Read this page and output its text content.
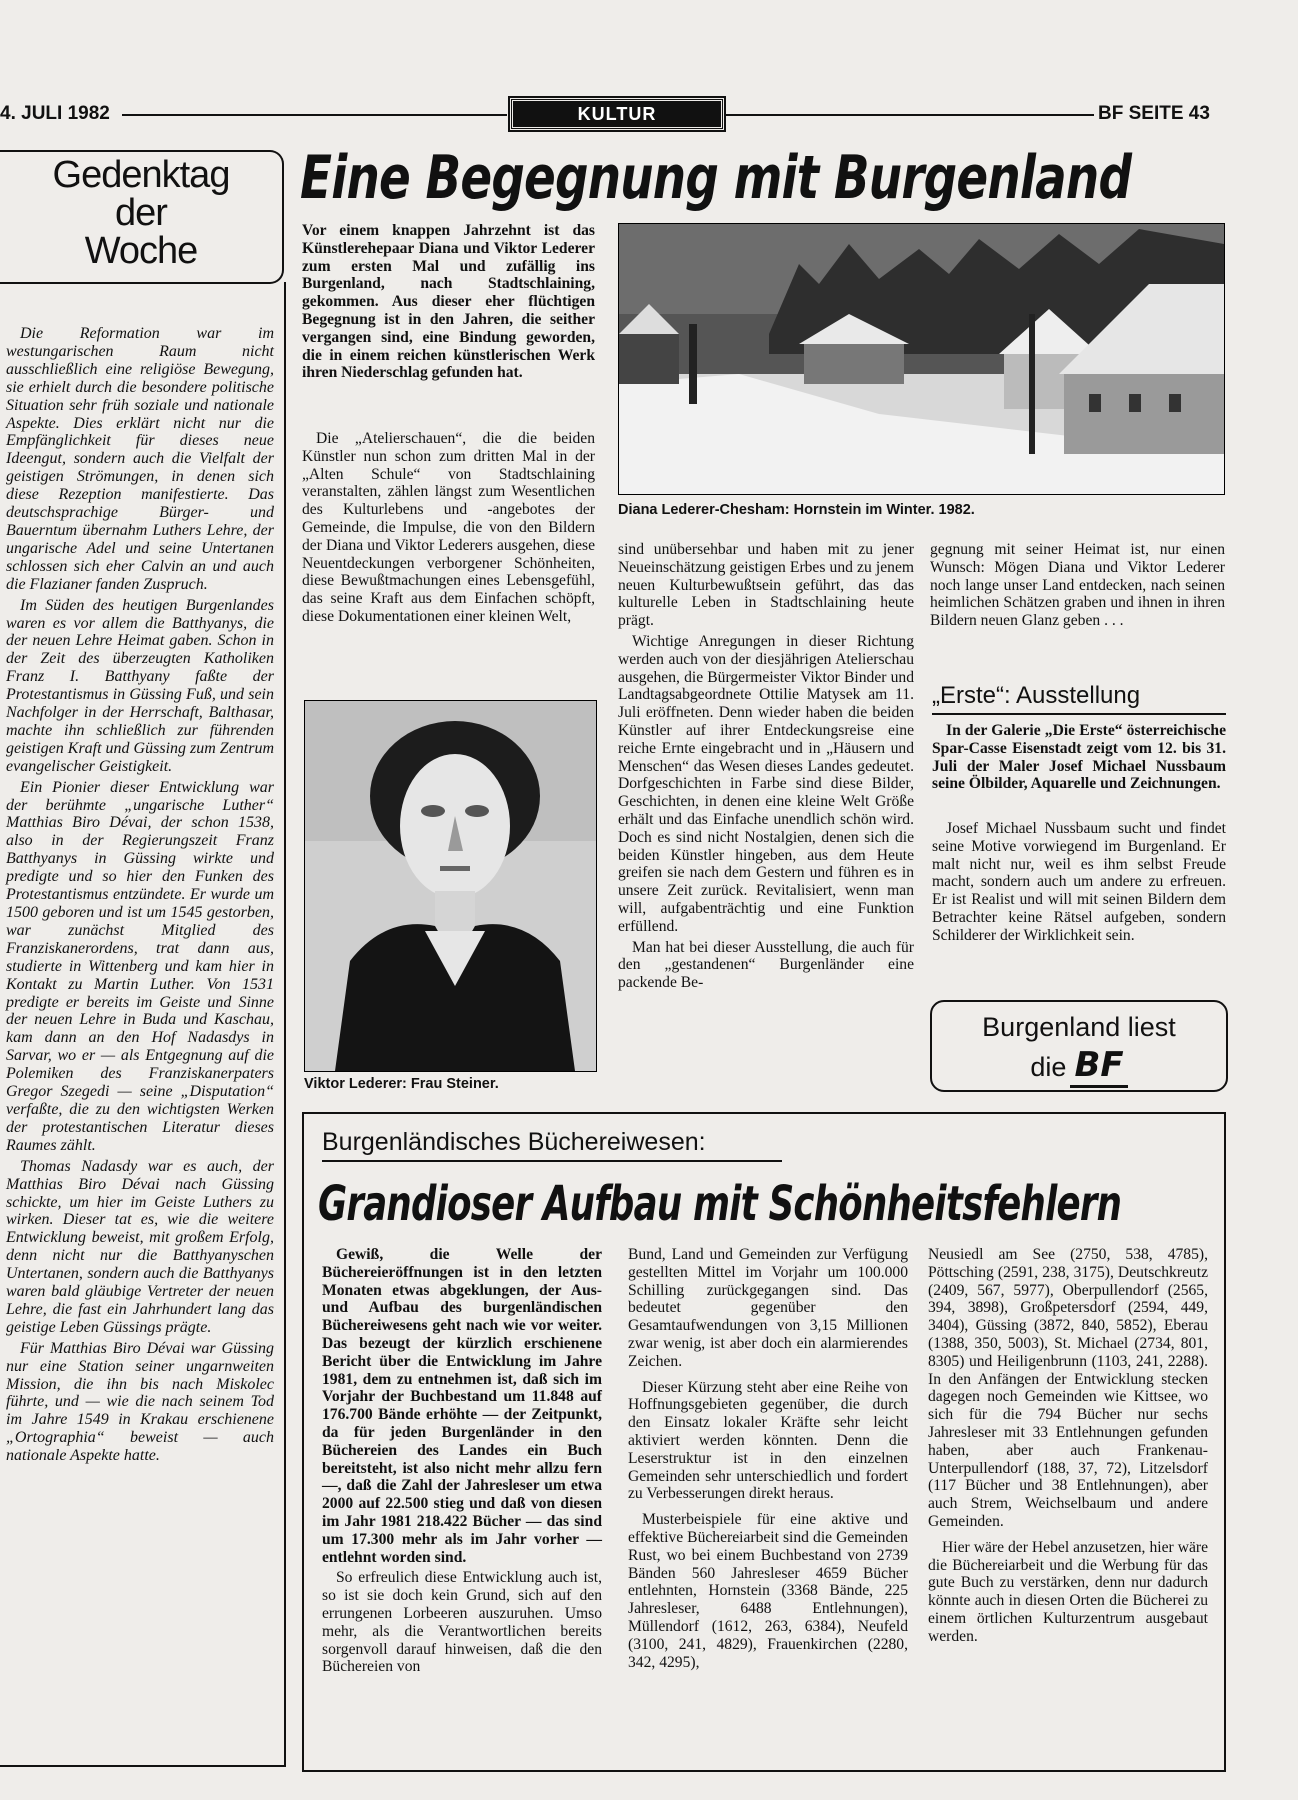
4. JULI 1982	KULTUR	BF SEITE 43
Gedenktag
der
Woche

Die Reformation war im westungarischen Raum nicht ausschließlich eine religiöse Bewegung, sie erhielt durch die besondere politische Situation sehr früh soziale und nationale Aspekte. Dies erklärt nicht nur die Empfänglichkeit für dieses neue Ideengut, sondern auch die Vielfalt der geistigen Strömungen, in denen sich diese Rezeption manifestierte. Das deutschsprachige Bürger- und Bauerntum übernahm Luthers Lehre, der ungarische Adel und seine Untertanen schlossen sich eher Calvin an und auch die Flazianer fanden Zuspruch.

Im Süden des heutigen Burgenlandes waren es vor allem die Batthyanys, die der neuen Lehre Heimat gaben. Schon in der Zeit des überzeugten Katholiken Franz I. Batthyany faßte der Protestantismus in Güssing Fuß, und sein Nachfolger in der Herrschaft, Balthasar, machte ihn schließlich zur führenden geistigen Kraft und Güssing zum Zentrum evangelischer Geistigkeit.

Ein Pionier dieser Entwicklung war der berühmte „ungarische Luther“ Matthias Biro Dévai, der schon 1538, also in der Regierungszeit Franz Batthyanys in Güssing wirkte und predigte und so hier den Funken des Protestantismus entzündete. Er wurde um 1500 geboren und ist um 1545 gestorben, war zunächst Mitglied des Franziskanerordens, trat dann aus, studierte in Wittenberg und kam hier in Kontakt zu Martin Luther. Von 1531 predigte er bereits im Geiste und Sinne der neuen Lehre in Buda und Kaschau, kam dann an den Hof Nadasdys in Sarvar, wo er — als Entgegnung auf die Polemiken des Franziskanerpaters Gregor Szegedi — seine „Disputation“ verfaßte, die zu den wichtigsten Werken der protestantischen Literatur dieses Raumes zählt.

Thomas Nadasdy war es auch, der Matthias Biro Dévai nach Güssing schickte, um hier im Geiste Luthers zu wirken. Dieser tat es, wie die weitere Entwicklung beweist, mit großem Erfolg, denn nicht nur die Batthyanyschen Untertanen, sondern auch die Batthyanys waren bald gläubige Vertreter der neuen Lehre, die fast ein Jahrhundert lang das geistige Leben Güssings prägte.

Für Matthias Biro Dévai war Güssing nur eine Station seiner ungarnweiten Mission, die ihn bis nach Miskolec führte, und — wie die nach seinem Tod im Jahre 1549 in Krakau erschienene „Ortographia“ beweist — auch nationale Aspekte hatte.

Eine Begegnung mit Burgenland
Vor einem knappen Jahrzehnt ist das Künstlerehepaar Diana und Viktor Lederer zum ersten Mal und zufällig ins Burgenland, nach Stadtschlaining, gekommen. Aus dieser eher flüchtigen Begegnung ist in den Jahren, die seither vergangen sind, eine Bindung geworden, die in einem reichen künstlerischen Werk ihren Niederschlag gefunden hat.

Die „Atelierschauen“, die die beiden Künstler nun schon zum dritten Mal in der „Alten Schule“ von Stadtschlaining veranstalten, zählen längst zum Wesentlichen des Kulturlebens und -angebotes der Gemeinde, die Impulse, die von den Bildern der Diana und Viktor Lederers ausgehen, diese Neuentdeckungen verborgener Schönheiten, diese Bewußtmachungen eines Lebensgefühl, das seine Kraft aus dem Einfachen schöpft, diese Dokumentationen einer kleinen Welt,

Diana Lederer-Chesham: Hornstein im Winter. 1982.
Viktor Lederer: Frau Steiner.

sind unübersehbar und haben mit zu jener Neueinschätzung geistigen Erbes und zu jenem neuen Kulturbewußtsein geführt, das das kulturelle Leben in Stadtschlaining heute prägt.

Wichtige Anregungen in dieser Richtung werden auch von der diesjährigen Atelierschau ausgehen, die Bürgermeister Viktor Binder und Landtagsabgeordnete Ottilie Matysek am 11. Juli eröffneten. Denn wieder haben die beiden Künstler auf ihrer Entdeckungsreise eine reiche Ernte eingebracht und in „Häusern und Menschen“ das Wesen dieses Landes gedeutet. Dorfgeschichten in Farbe sind diese Bilder, Geschichten, in denen eine kleine Welt Größe erhält und das Einfache unendlich schön wird. Doch es sind nicht Nostalgien, denen sich die beiden Künstler hingeben, aus dem Heute greifen sie nach dem Gestern und führen es in unsere Zeit zurück. Revitalisiert, wenn man will, aufgabenträchtig und eine Funktion erfüllend.

Man hat bei dieser Ausstellung, die auch für den „gestandenen“ Burgenländer eine packende Be-

gegnung mit seiner Heimat ist, nur einen Wunsch: Mögen Diana und Viktor Lederer noch lange unser Land entdecken, nach seinen heimlichen Schätzen graben und ihnen in ihren Bildern neuen Glanz geben . . .

„Erste“: Ausstellung
In der Galerie „Die Erste“ österreichische Spar-Casse Eisenstadt zeigt vom 12. bis 31. Juli der Maler Josef Michael Nussbaum seine Ölbilder, Aquarelle und Zeichnungen.
Josef Michael Nussbaum sucht und findet seine Motive vorwiegend im Burgenland. Er malt nicht nur, weil es ihm selbst Freude macht, sondern auch um andere zu erfreuen. Er ist Realist und will mit seinen Bildern dem Betrachter keine Rätsel aufgeben, sondern Schilderer der Wirklichkeit sein.
Burgenland liest
die BF
Burgenländisches Büchereiwesen:
Grandioser Aufbau mit Schönheitsfehlern

Gewiß, die Welle der Büchereieröffnungen ist in den letzten Monaten etwas abgeklungen, der Aus- und Aufbau des burgenländischen Büchereiwesens geht nach wie vor weiter. Das bezeugt der kürzlich erschienene Bericht über die Entwicklung im Jahre 1981, dem zu entnehmen ist, daß sich im Vorjahr der Buchbestand um 11.848 auf 176.700 Bände erhöhte — der Zeitpunkt, da für jeden Burgenländer in den Büchereien des Landes ein Buch bereitsteht, ist also nicht mehr allzu fern —, daß die Zahl der Jahresleser um etwa 2000 auf 22.500 stieg und daß von diesen im Jahr 1981 218.422 Bücher — das sind um 17.300 mehr als im Jahr vorher — entlehnt worden sind.

So erfreulich diese Entwicklung auch ist, so ist sie doch kein Grund, sich auf den errungenen Lorbeeren auszuruhen. Umso mehr, als die Verantwortlichen bereits sorgenvoll darauf hinweisen, daß die den Büchereien von

Bund, Land und Gemeinden zur Verfügung gestellten Mittel im Vorjahr um 100.000 Schilling zurückgegangen sind. Das bedeutet gegenüber den Gesamtaufwendungen von 3,15 Millionen zwar wenig, ist aber doch ein alarmierendes Zeichen.

Dieser Kürzung steht aber eine Reihe von Hoffnungsgebieten gegenüber, die durch den Einsatz lokaler Kräfte sehr leicht aktiviert werden könnten. Denn die Leserstruktur ist in den einzelnen Gemeinden sehr unterschiedlich und fordert zu Verbesserungen direkt heraus.

Musterbeispiele für eine aktive und effektive Büchereiarbeit sind die Gemeinden Rust, wo bei einem Buchbestand von 2739 Bänden 560 Jahresleser 4659 Bücher entlehnten, Hornstein (3368 Bände, 225 Jahresleser, 6488 Entlehnungen), Müllendorf (1612, 263, 6384), Neufeld (3100, 241, 4829), Frauenkirchen (2280, 342, 4295),

Neusiedl am See (2750, 538, 4785), Pöttsching (2591, 238, 3175), Deutschkreutz (2409, 567, 5977), Oberpullendorf (2565, 394, 3898), Großpetersdorf (2594, 449, 3404), Güssing (3872, 840, 5852), Eberau (1388, 350, 5003), St. Michael (2734, 801, 8305) und Heiligenbrunn (1103, 241, 2288). In den Anfängen der Entwicklung stecken dagegen noch Gemeinden wie Kittsee, wo sich für die 794 Bücher nur sechs Jahresleser mit 33 Entlehnungen gefunden haben, aber auch Frankenau-Unterpullendorf (188, 37, 72), Litzelsdorf (117 Bücher und 38 Entlehnungen), aber auch Strem, Weichselbaum und andere Gemeinden.

Hier wäre der Hebel anzusetzen, hier wäre die Büchereiarbeit und die Werbung für das gute Buch zu verstärken, denn nur dadurch könnte auch in diesen Orten die Bücherei zu einem örtlichen Kulturzentrum ausgebaut werden.
